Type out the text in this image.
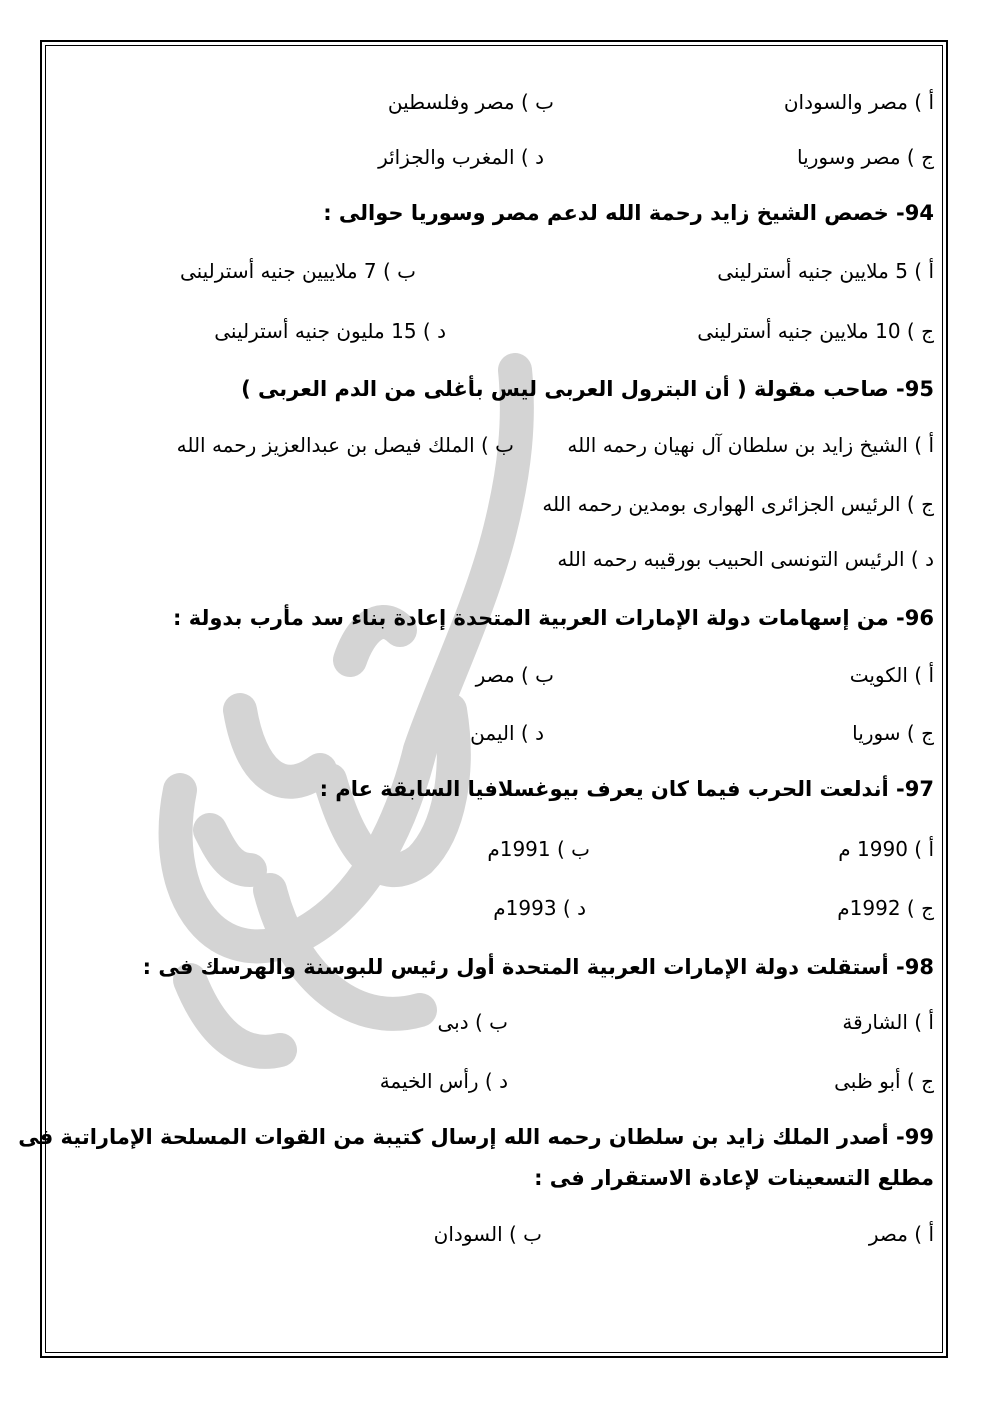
أ ) مصر والسودان
ب ) مصر وفلسطين
ج ) مصر وسوريا
د ) المغرب والجزائر
94- خصص الشيخ زايد رحمة الله لدعم مصر وسوريا حوالى :
أ ) 5 ملايين جنيه أسترلينى
ب ) 7 ملاييين جنيه أسترلينى
ج ) 10 ملايين جنيه أسترلينى
د ) 15 مليون جنيه أسترلينى
95- صاحب مقولة ( أن البترول العربى ليس بأغلى من الدم العربى )
أ ) الشيخ زايد بن سلطان آل نهيان رحمه الله
ب ) الملك فيصل بن عبدالعزيز رحمه الله
ج ) الرئيس الجزائرى الهوارى بومدين رحمه الله
د ) الرئيس التونسى الحبيب بورقيبه رحمه الله
96- من إسهامات دولة الإمارات العربية المتحدة إعادة بناء سد مأرب بدولة :
أ ) الكويت
ب ) مصر
ج ) سوريا
د ) اليمن
97- أندلعت الحرب فيما كان يعرف بيوغسلافيا السابقة عام :
أ ) 1990 م
ب ) 1991م
ج ) 1992م
د ) 1993م
98- أستقلت دولة الإمارات العربية المتحدة أول رئيس للبوسنة والهرسك فى :
أ ) الشارقة
ب ) دبى
ج ) أبو ظبى
د ) رأس الخيمة
99- أصدر الملك زايد بن سلطان رحمه الله إرسال كتيبة من القوات المسلحة الإماراتية فى
مطلع التسعينات لإعادة الاستقرار فى :
أ ) مصر
ب ) السودان
